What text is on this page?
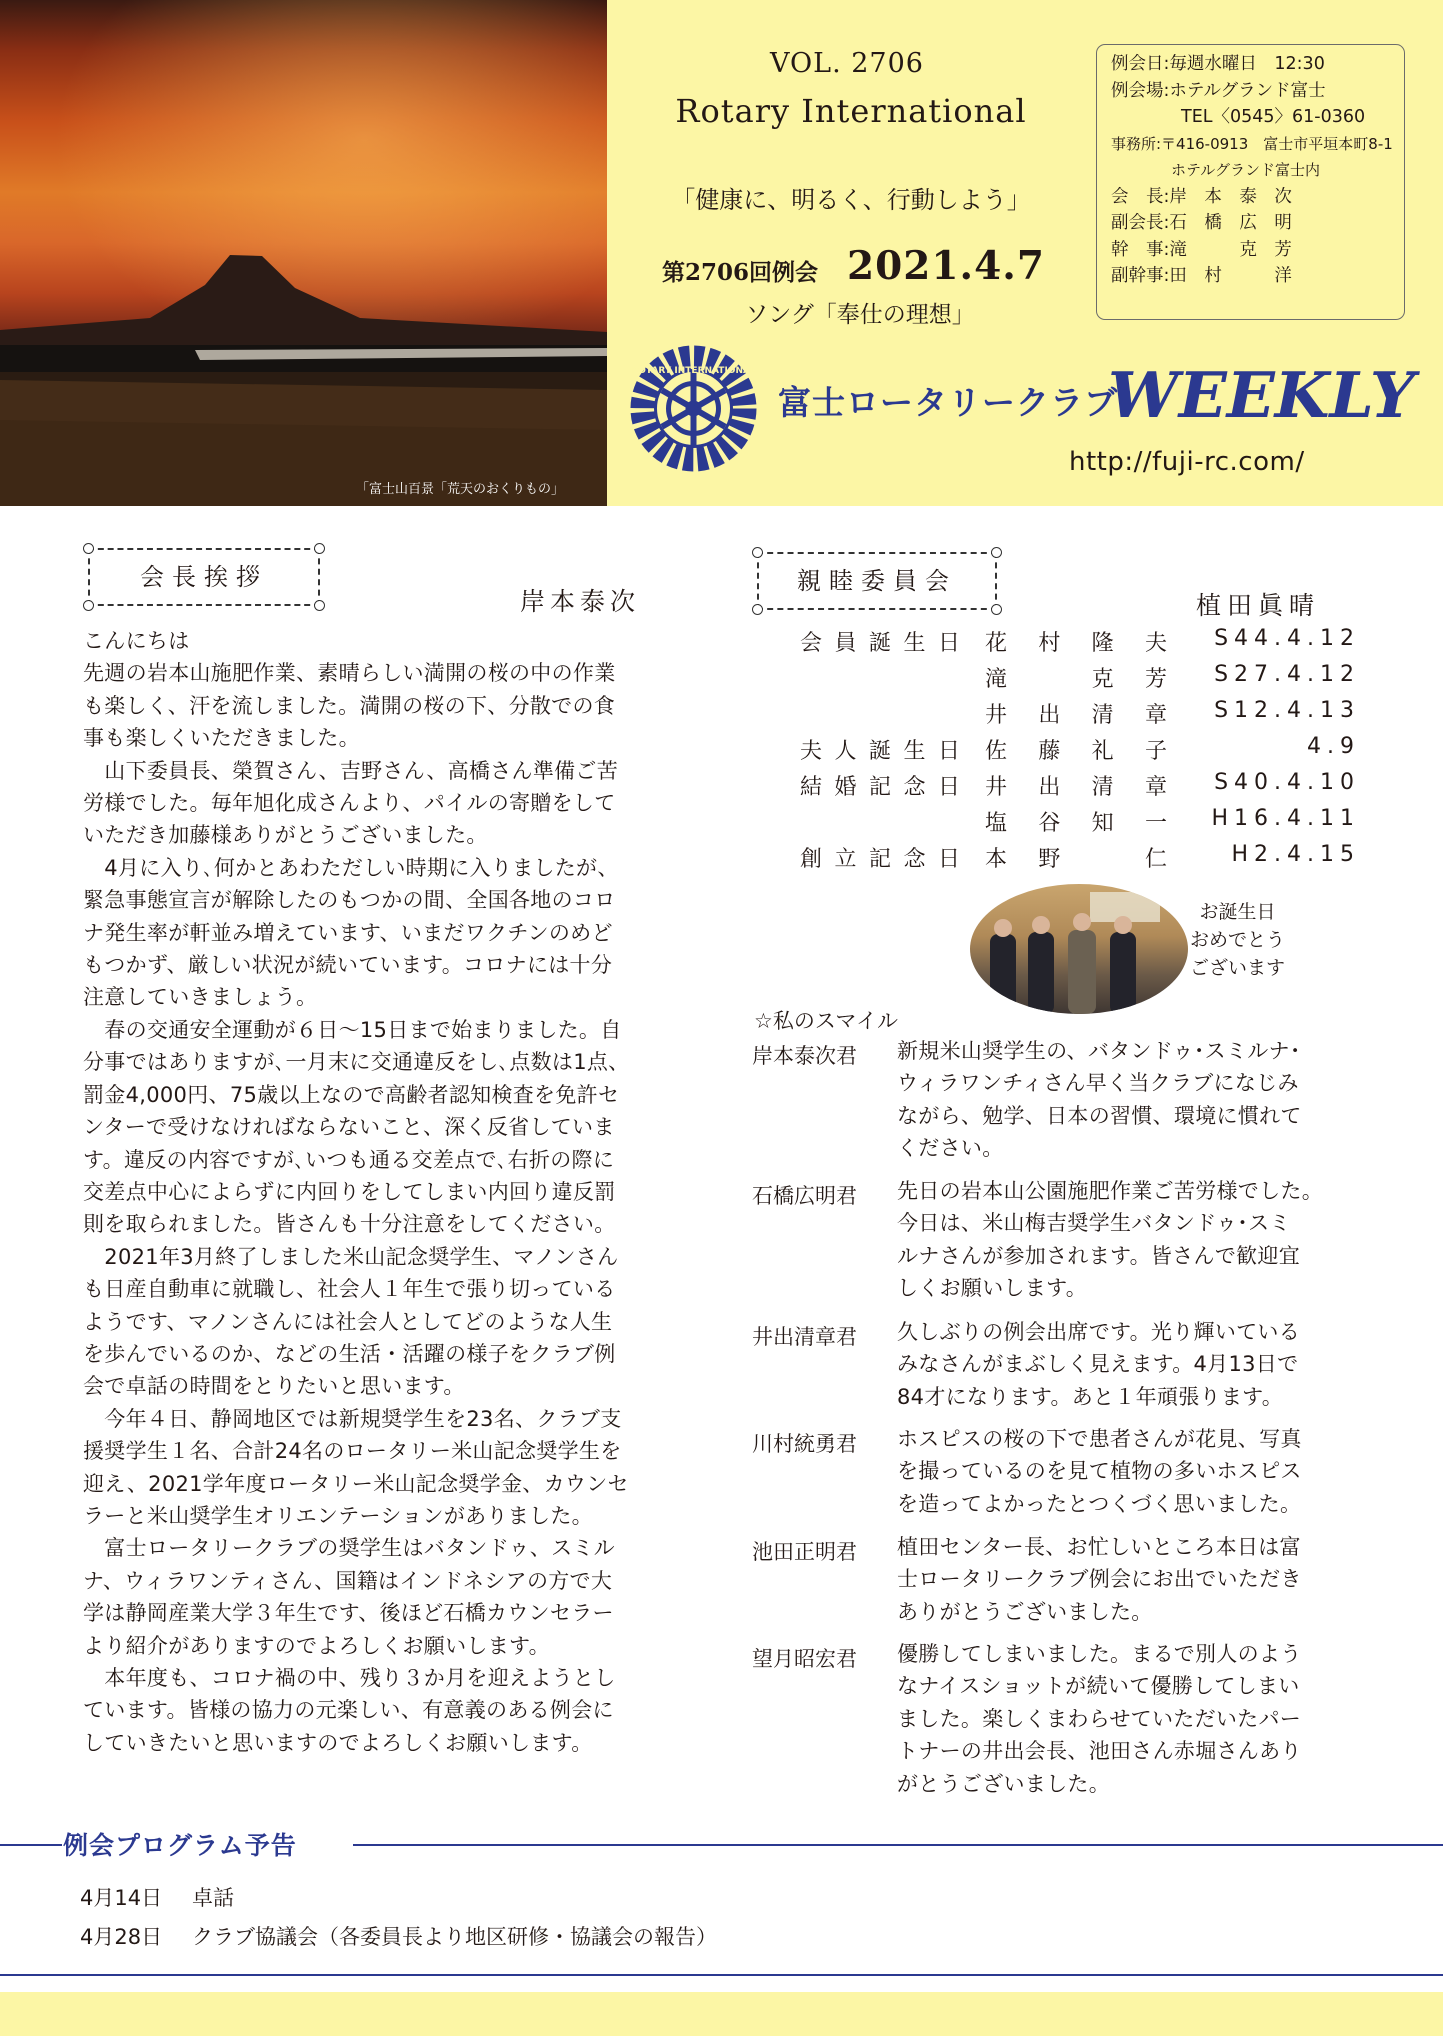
「富士山百景「荒天のおくりもの」
VOL. 2706
Rotary International
「健康に、明るく、行動しよう」
第2706回例会 2021.4.7
ソング「奉仕の理想」
例会日:毎週水曜日　12:30
例会場:ホテルグランド富士
　　　　TEL〈0545〉61-0360
事務所:〒416-0913　富士市平垣本町8-1
　　　　ホテルグランド富士内
会　長:岸　本　泰　次
副会長:石　橋　広　明
幹　事:滝　　　克　芳
副幹事:田　村　　　洋
ROTARY INTERNATIONAL
富士ロータリークラブ
WEEKLY
http://fuji-rc.com/
会長挨拶
岸本泰次
こんにちは
先週の岩本山施肥作業、素晴らしい満開の桜の中の作業
も楽しく、汗を流しました。満開の桜の下、分散での食
事も楽しくいただきました。
　山下委員長、榮賀さん、吉野さん、高橋さん準備ご苦
労様でした。毎年旭化成さんより、パイルの寄贈をして
いただき加藤様ありがとうございました。
　4月に入り､何かとあわただしい時期に入りましたが、
緊急事態宣言が解除したのもつかの間、全国各地のコロ
ナ発生率が軒並み増えています、いまだワクチンのめど
もつかず、厳しい状況が続いています。コロナには十分
注意していきましょう。
　春の交通安全運動が６日～15日まで始まりました。自
分事ではありますが､一月末に交通違反をし､点数は1点、
罰金4,000円、75歳以上なので高齢者認知検査を免許セ
ンターで受けなければならないこと、深く反省していま
す。違反の内容ですが､いつも通る交差点で､右折の際に
交差点中心によらずに内回りをしてしまい内回り違反罰
則を取られました。皆さんも十分注意をしてください。
　2021年3月終了しました米山記念奨学生、マノンさん
も日産自動車に就職し、社会人１年生で張り切っている
ようです、マノンさんには社会人としてどのような人生
を歩んでいるのか、などの生活・活躍の様子をクラブ例
会で卓話の時間をとりたいと思います。
　今年４日、静岡地区では新規奨学生を23名、クラブ支
援奨学生１名、合計24名のロータリー米山記念奨学生を
迎え、2021学年度ロータリー米山記念奨学金、カウンセ
ラーと米山奨学生オリエンテーションがありました。
　富士ロータリークラブの奨学生はバタンドゥ、スミル
ナ、ウィラワンティさん、国籍はインドネシアの方で大
学は静岡産業大学３年生です、後ほど石橋カウンセラー
より紹介がありますのでよろしくお願いします。
　本年度も、コロナ禍の中、残り３か月を迎えようとし
ています。皆様の協力の元楽しい、有意義のある例会に
していきたいと思いますのでよろしくお願いします。
親睦委員会
植田眞晴
会員誕生日 花村隆夫 S44.4.12
滝　克芳 S27.4.12
井出清章 S12.4.13
夫人誕生日 佐藤礼子	4.9
結婚記念日 井出清章 S40.4.10
塩谷知一 H16.4.11
創立記念日 本野　仁	H2.4.15
お誕生日
おめでとう
ございます
☆私のスマイル
岸本泰次君 新規米山奨学生の、バタンドゥ･スミルナ･
ウィラワンチィさん早く当クラブになじみ
ながら、勉学、日本の習慣、環境に慣れて
ください。
石橋広明君 先日の岩本山公園施肥作業ご苦労様でした。
今日は、米山梅吉奨学生バタンドゥ･スミ
ルナさんが参加されます。皆さんで歓迎宜
しくお願いします。
井出清章君 久しぶりの例会出席です。光り輝いている
みなさんがまぶしく見えます。4月13日で
84才になります。あと１年頑張ります。
川村統勇君 ホスピスの桜の下で患者さんが花見、写真
を撮っているのを見て植物の多いホスピス
を造ってよかったとつくづく思いました。
池田正明君 植田センター長、お忙しいところ本日は富
士ロータリークラブ例会にお出でいただき
ありがとうございました。
望月昭宏君 優勝してしまいました。まるで別人のよう
なナイスショットが続いて優勝してしまい
ました。楽しくまわらせていただいたパー
トナーの井出会長、池田さん赤堀さんあり
がとうございました。
例会プログラム予告
4月14日 卓話
4月28日 クラブ協議会（各委員長より地区研修・協議会の報告）
